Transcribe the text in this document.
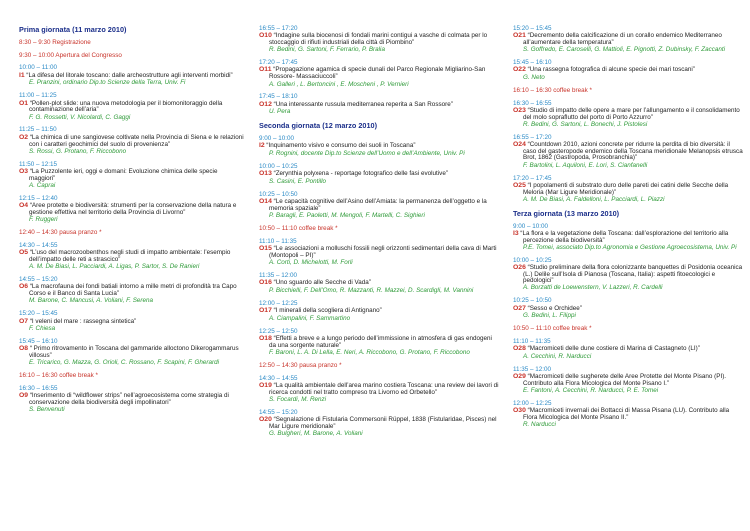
Prima giornata (11 marzo 2010)
8:30 – 9:30 Registrazione
9:30 – 10:00 Apertura del Congresso
10:00 – 11:00
I1 “La difesa del litorale toscano: dalle archeostrutture agli interventi morbidi”
E. Pranzini, ordinario Dip.to Scienze della Terra, Univ. Fi
11:00 – 11:25
O1 “Pollen-plot slide: una nuova metodologia per il biomonitoraggio della contaminazione dell’aria”
F. G. Rossetti, V. Nicolardi, C. Gaggi
11:25 – 11:50
O2 “La chimica di une sangiovese coltivate nella Provincia di Siena e le relazioni con i caratteri geochimici del suolo di provenienza”
S. Rossi, G. Protano, F. Riccobono
11:50 – 12:15
O3 “La Puzzolente ieri, oggi e domani: Evoluzione chimica delle specie maggiori”
A. Caprai
12:15 – 12:40
O4 “Aree protette e biodiversità: strumenti per la conservazione della natura e gestione effettiva nel territorio della Provincia di Livorno”
F. Ruggeri
12:40 – 14:30 pausa pranzo *
14:30 – 14:55
O5 “L’uso del macrozoobenthos negli studi di impatto ambientale: l’esempio dell’impatto delle reti a strascico”
A. M. De Biasi, L. Pacciardi, A. Ligas, P. Sartor, S. De Ranieri
14:55 – 15:20
O6 “La macrofauna dei fondi batiali intorno a mille metri di profondità tra Capo Corso e il Banco di Santa Lucia”
M. Barone, C. Mancusi, A. Voliani, F. Serena
15:20 – 15:45
O7 “I veleni del mare : rassegna sintetica”
F. Chiesa
15:45 – 16:10
O8 “ Primo ritrovamento in Toscana del gammaride alloctono Dikerogammarus villosus”
E. Tricarico, G. Mazza, G. Orioli, C. Rossano, F. Scapini, F. Gherardi
16:10 – 16:30 coffee break *
16:30 – 16:55
O9 “Inserimento di “wildflower strips” nell’agroecosistema come strategia di conservazione della biodiversità degli impollinatori”
S. Benvenuti
16:55 – 17:20
O10 “Indagine sulla biocenosi di fondali marini contigui a vasche di colmata per lo stoccaggio di rifiuti industriali della città di Piombino”
R. Bedini, G. Sartoni, F. Ferrario, P. Bralia
17:20 – 17:45
O11 “Propagazione agamica di specie dunali del Parco Regionale Migliarino-San Rossore- Massaciuccoli”
A. Galleri , L. Bertoncini , E. Moscheni , P. Vernieri
17:45 – 18:10
O12 “Una interessante russula mediterranea reperita a San Rossore”
U. Pera
Seconda giornata (12 marzo 2010)
9:00 – 10:00
I2 “Inquinamento visivo e consumo dei suoli in Toscana”
P. Rognini, docente Dip.to Scienze dell’Uomo e dell’Ambiente, Univ. Pi
10:00 – 10:25
O13 “Zerynthia polyxena - reportage fotografico delle fasi evolutive”
S. Casini, E. Pontillo
10:25 – 10:50
O14 “Le capacità cognitive dell’Asino dell’Amiata: la permanenza dell’oggetto e la memoria spaziale”
P. Baragli, E. Paoletti, M. Mengoli, F. Martelli, C. Sighieri
10:50 – 11:10 coffee break *
11:10 – 11:35
O15 “Le associazioni a molluschi fossili negli orizzonti sedimentari della cava di Marti (Montopoli – PI)”
A. Corti, D. Michelotti, M. Forli
11:35 – 12:00
O16 “Uno sguardo alle Secche di Vada”
P. Bicchielli, F. Dell’Omo, R. Mazzanti, R. Mazzei, D. Scardigli, M. Vannini
12:00 – 12:25
O17 “I minerali della scogliera di Antignano”
A. Ciampalini, F. Sammartino
12:25 – 12:50
O18 “Effetti a breve e a lungo periodo dell’immissione in atmosfera di gas endogeni da una sorgente naturale”
F. Baroni, L. A. Di Lella, E. Neri, A. Riccobono, G. Protano, F. Riccobono
12:50 – 14:30 pausa pranzo *
14:30 – 14:55
O19 “La qualità ambientale dell’area marino costiera Toscana: una review dei lavori di ricerca condotti nel tratto compreso tra Livorno ed Orbetello”
S. Focardi, M. Renzi
14:55 – 15:20
O20 “Segnalazione di Fistularia Commersonii Rüppel, 1838 (Fistularidae, Pisces) nel Mar Ligure meridionale”
G. Bulgheri, M. Barone, A. Voliani
15:20 – 15:45
O21 “Decremento della calcificazione di un corallo endemico Mediterraneo all’aumentare della temperatura”
S. Goffredo, E. Caroselli, G. Mattioli, E. Pignotti, Z. Dubinsky, F. Zaccanti
15:45 – 16:10
O22 “Una rassegna fotografica di alcune specie dei mari toscani”
G. Neto
16:10 – 16:30 coffee break *
16:30 – 16:55
O23 “Studio di impatto delle opere a mare per l’allungamento e il consolidamento del molo sopraflutto del porto di Porto Azzurro”
R. Bedini, G. Sartoni, L. Bonechi, J. Pistolesi
16:55 – 17:20
O24 “Countdown 2010, azioni concrete per ridurre la perdita di bio diversità: il caso del gasteropode endemico della Toscana meridionale Melanopsis etrusca Brot, 1862 (Gastropoda, Prosobranchia)”
F. Bartolini, L. Aquiloni, E. Lori, S. Cianfanelli
17:20 – 17:45
O25 “I popolamenti di substrato duro delle pareti dei catini delle Secche della Meloria (Mar Ligure Meridionale)”
A. M. De Biasi, A. Faldelloni, L. Pacciardi, L. Piazzi
Terza giornata (13 marzo 2010)
9:00 – 10:00
I3 “La flora e la vegetazione della Toscana: dall’esplorazione del territorio alla percezione della biodiversità”
P.E. Tomei, associato Dip.to Agronomia e Gestione Agroecosistema, Univ. Pi
10:00 – 10:25
O26 “Studio preliminare della flora colonizzante banquettes di Posidonia oceanica (L.) Delile sull’Isola di Pianosa (Toscana, Italia): aspetti fitoecologici e pedologici”
A. Borzatti de Loewenstern, V. Lazzeri, R. Cardelli
10:25 – 10:50
O27 “Sesso e Orchidee”
G. Bedini, L. Filippi
10:50 – 11:10 coffee break *
11:10 – 11:35
O28 “Macromiceti delle dune costiere di Marina di Castagneto (LI)”
A. Cecchini, R. Narducci
11:35 – 12:00
O29 “Macromiceti delle sugherete delle Aree Protette del Monte Pisano (PI). Contributo alla Flora Micologica del Monte Pisano I.”
E. Fantoni, A. Cecchini, R. Narducci, P. E. Tomei
12:00 – 12:25
O30 “Macromiceti invernali dei Bottacci di Massa Pisana (LU). Contributo alla Flora Micologica del Monte Pisano II.”
R. Narducci
